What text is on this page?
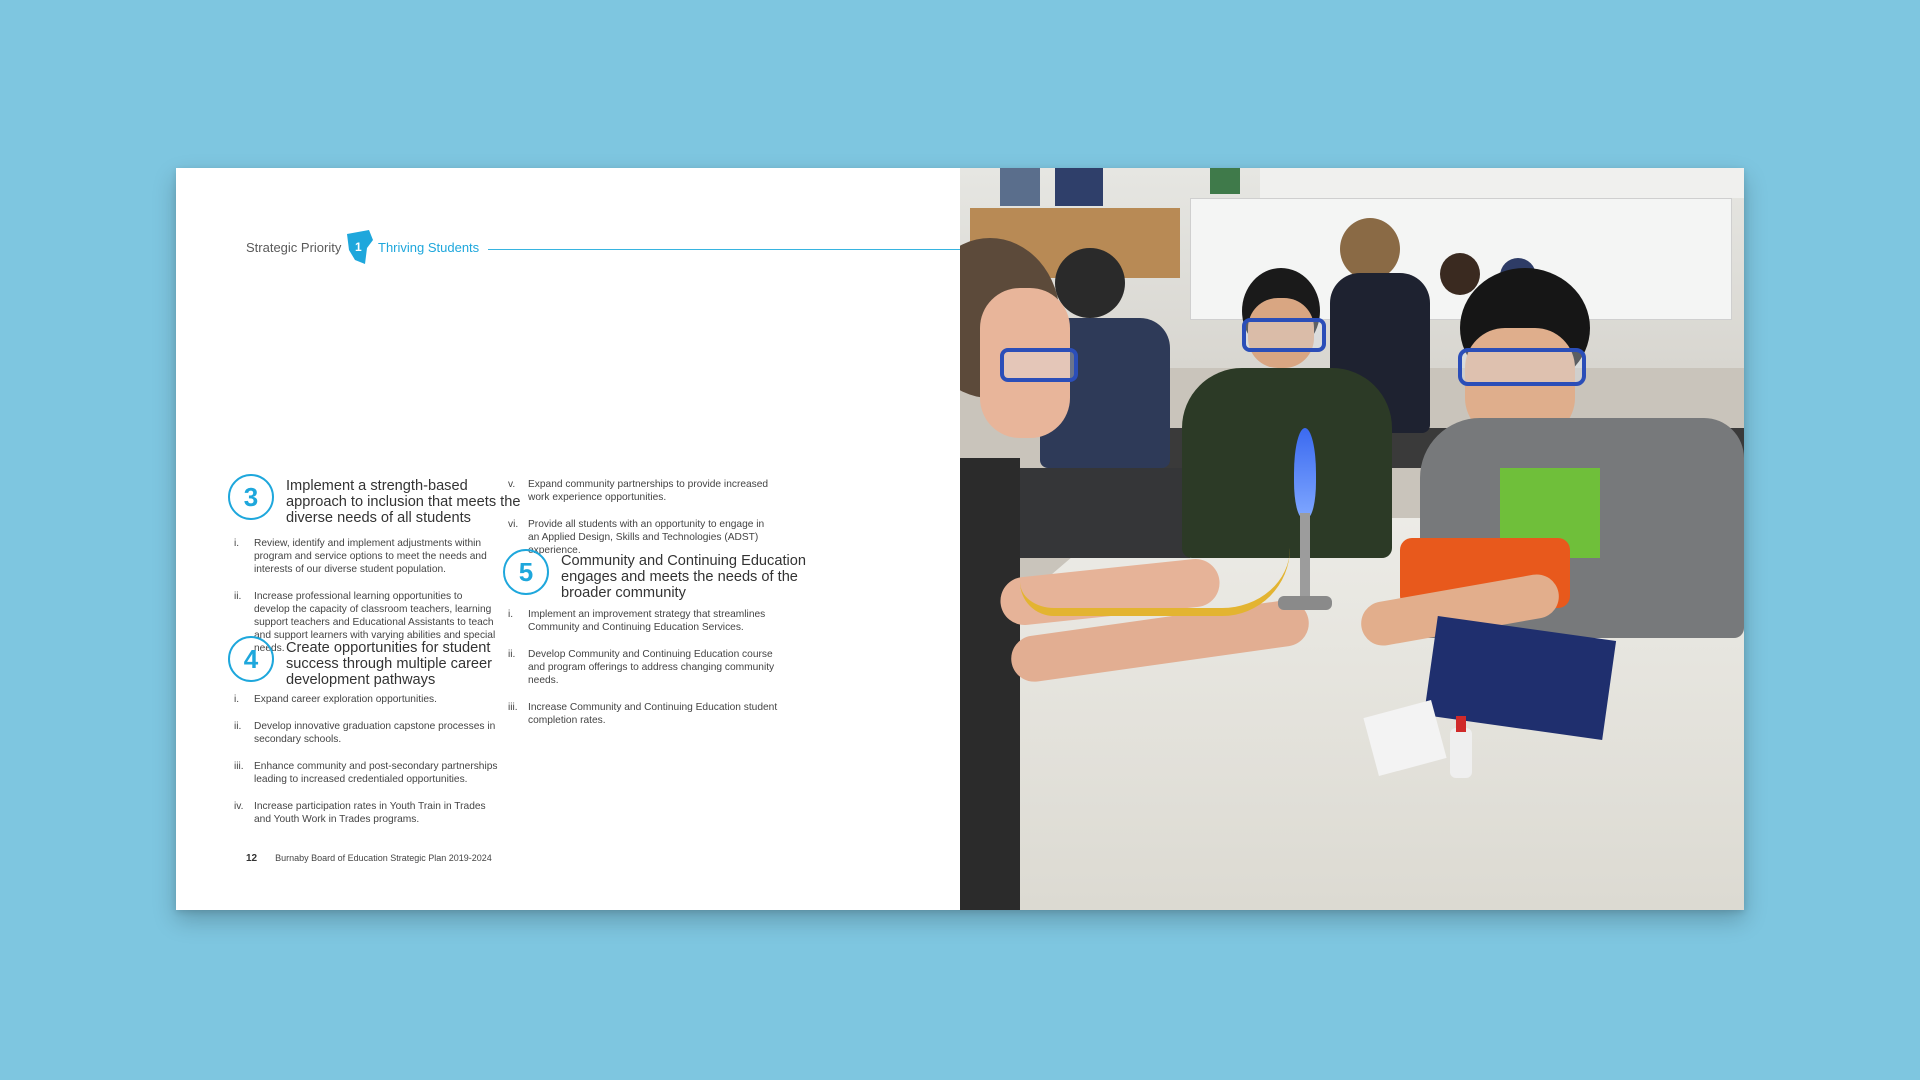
Strategic Priority 1 Thriving Students
3	Implement a strength-based approach to inclusion that meets the diverse needs of all students
i.	Review, identify and implement adjustments within program and service options to meet the needs and interests of our diverse student population.
ii.	Increase professional learning opportunities to develop the capacity of classroom teachers, learning support teachers and Educational Assistants to teach and support learners with varying abilities and special needs.
4	Create opportunities for student success through multiple career development pathways
i.	Expand career exploration opportunities.
ii.	Develop innovative graduation capstone processes in secondary schools.
iii.	Enhance community and post-secondary partnerships leading to increased credentialed opportunities.
iv.	Increase participation rates in Youth Train in Trades and Youth Work in Trades programs.
v.	Expand community partnerships to provide increased work experience opportunities.
vi. Provide all students with an opportunity to engage in an Applied Design, Skills and Technologies (ADST) experience.
5	Community and Continuing Education engages and meets the needs of the broader community
i.	Implement an improvement strategy that streamlines Community and Continuing Education Services.
ii.	Develop Community and Continuing Education course and program offerings to address changing community needs.
iii.	Increase Community and Continuing Education student completion rates.
12 Burnaby Board of Education Strategic Plan 2019-2024
